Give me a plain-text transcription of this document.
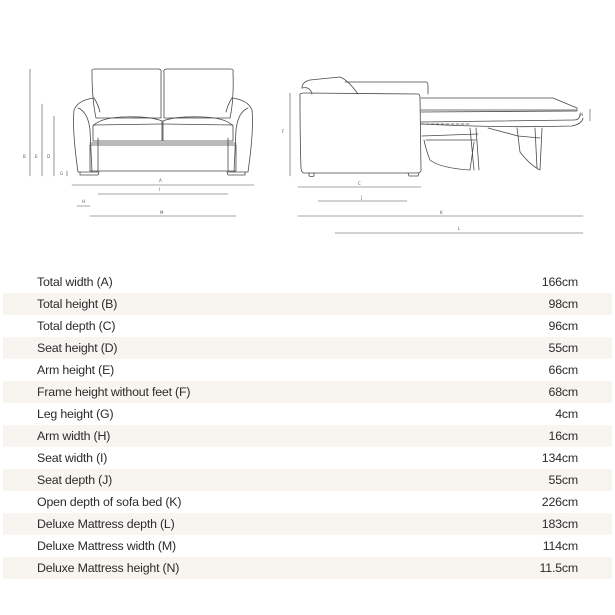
B E D
G
A
I
H
M
F
N
C
J
K
L
Total width (A)	166cm
Total height (B)	98cm
Total depth (C)	96cm
Seat height (D)	55cm
Arm height (E)	66cm
Frame height without feet (F)	68cm
Leg height (G)	4cm
Arm width (H)	16cm
Seat width (I)	134cm
Seat depth (J)	55cm
Open depth of sofa bed (K)	226cm
Deluxe Mattress depth (L)	183cm
Deluxe Mattress width (M)	114cm
Deluxe Mattress height (N)	11.5cm
